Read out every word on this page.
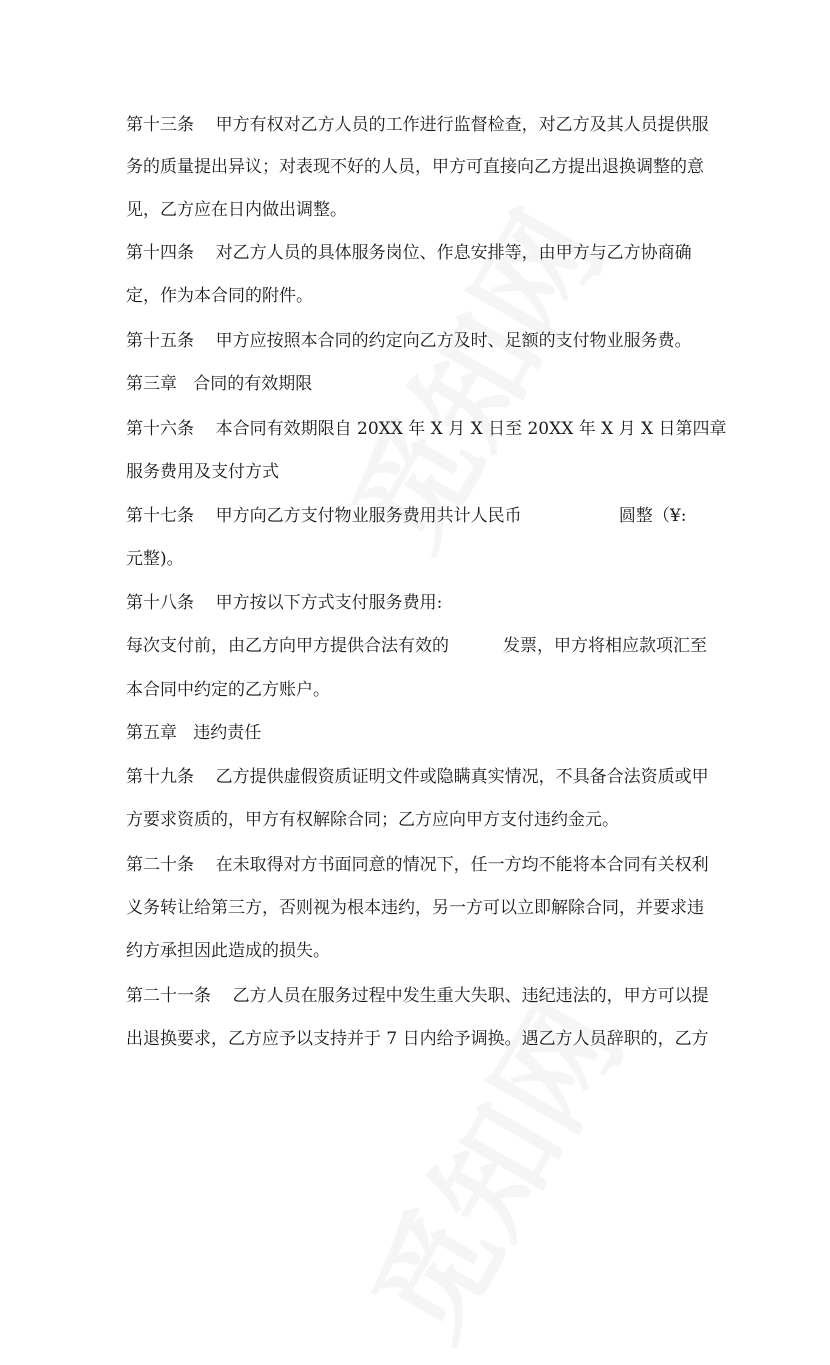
第十三条    甲方有权对乙方人员的工作进行监督检查，对乙方及其人员提供服
务的质量提出异议；对表现不好的人员，甲方可直接向乙方提出退换调整的意
见，乙方应在日内做出调整。
第十四条    对乙方人员的具体服务岗位、作息安排等，由甲方与乙方协商确
定，作为本合同的附件。
第十五条    甲方应按照本合同的约定向乙方及时、足额的支付物业服务费。
第三章   合同的有效期限
第十六条    本合同有效期限自 20XX 年 X 月 X 日至 20XX 年 X 月 X 日第四章
服务费用及支付方式
第十七条    甲方向乙方支付物业服务费用共计人民币                  圆整（¥:
元整)。
第十八条    甲方按以下方式支付服务费用:
每次支付前，由乙方向甲方提供合法有效的          发票，甲方将相应款项汇至
本合同中约定的乙方账户。
第五章   违约责任
第十九条    乙方提供虚假资质证明文件或隐瞒真实情况，不具备合法资质或甲
方要求资质的，甲方有权解除合同；乙方应向甲方支付违约金元。
第二十条    在未取得对方书面同意的情况下，任一方均不能将本合同有关权利
义务转让给第三方，否则视为根本违约，另一方可以立即解除合同，并要求违
约方承担因此造成的损失。
第二十一条    乙方人员在服务过程中发生重大失职、违纪违法的，甲方可以提
出退换要求，乙方应予以支持并于 7 日内给予调换。遇乙方人员辞职的，乙方
